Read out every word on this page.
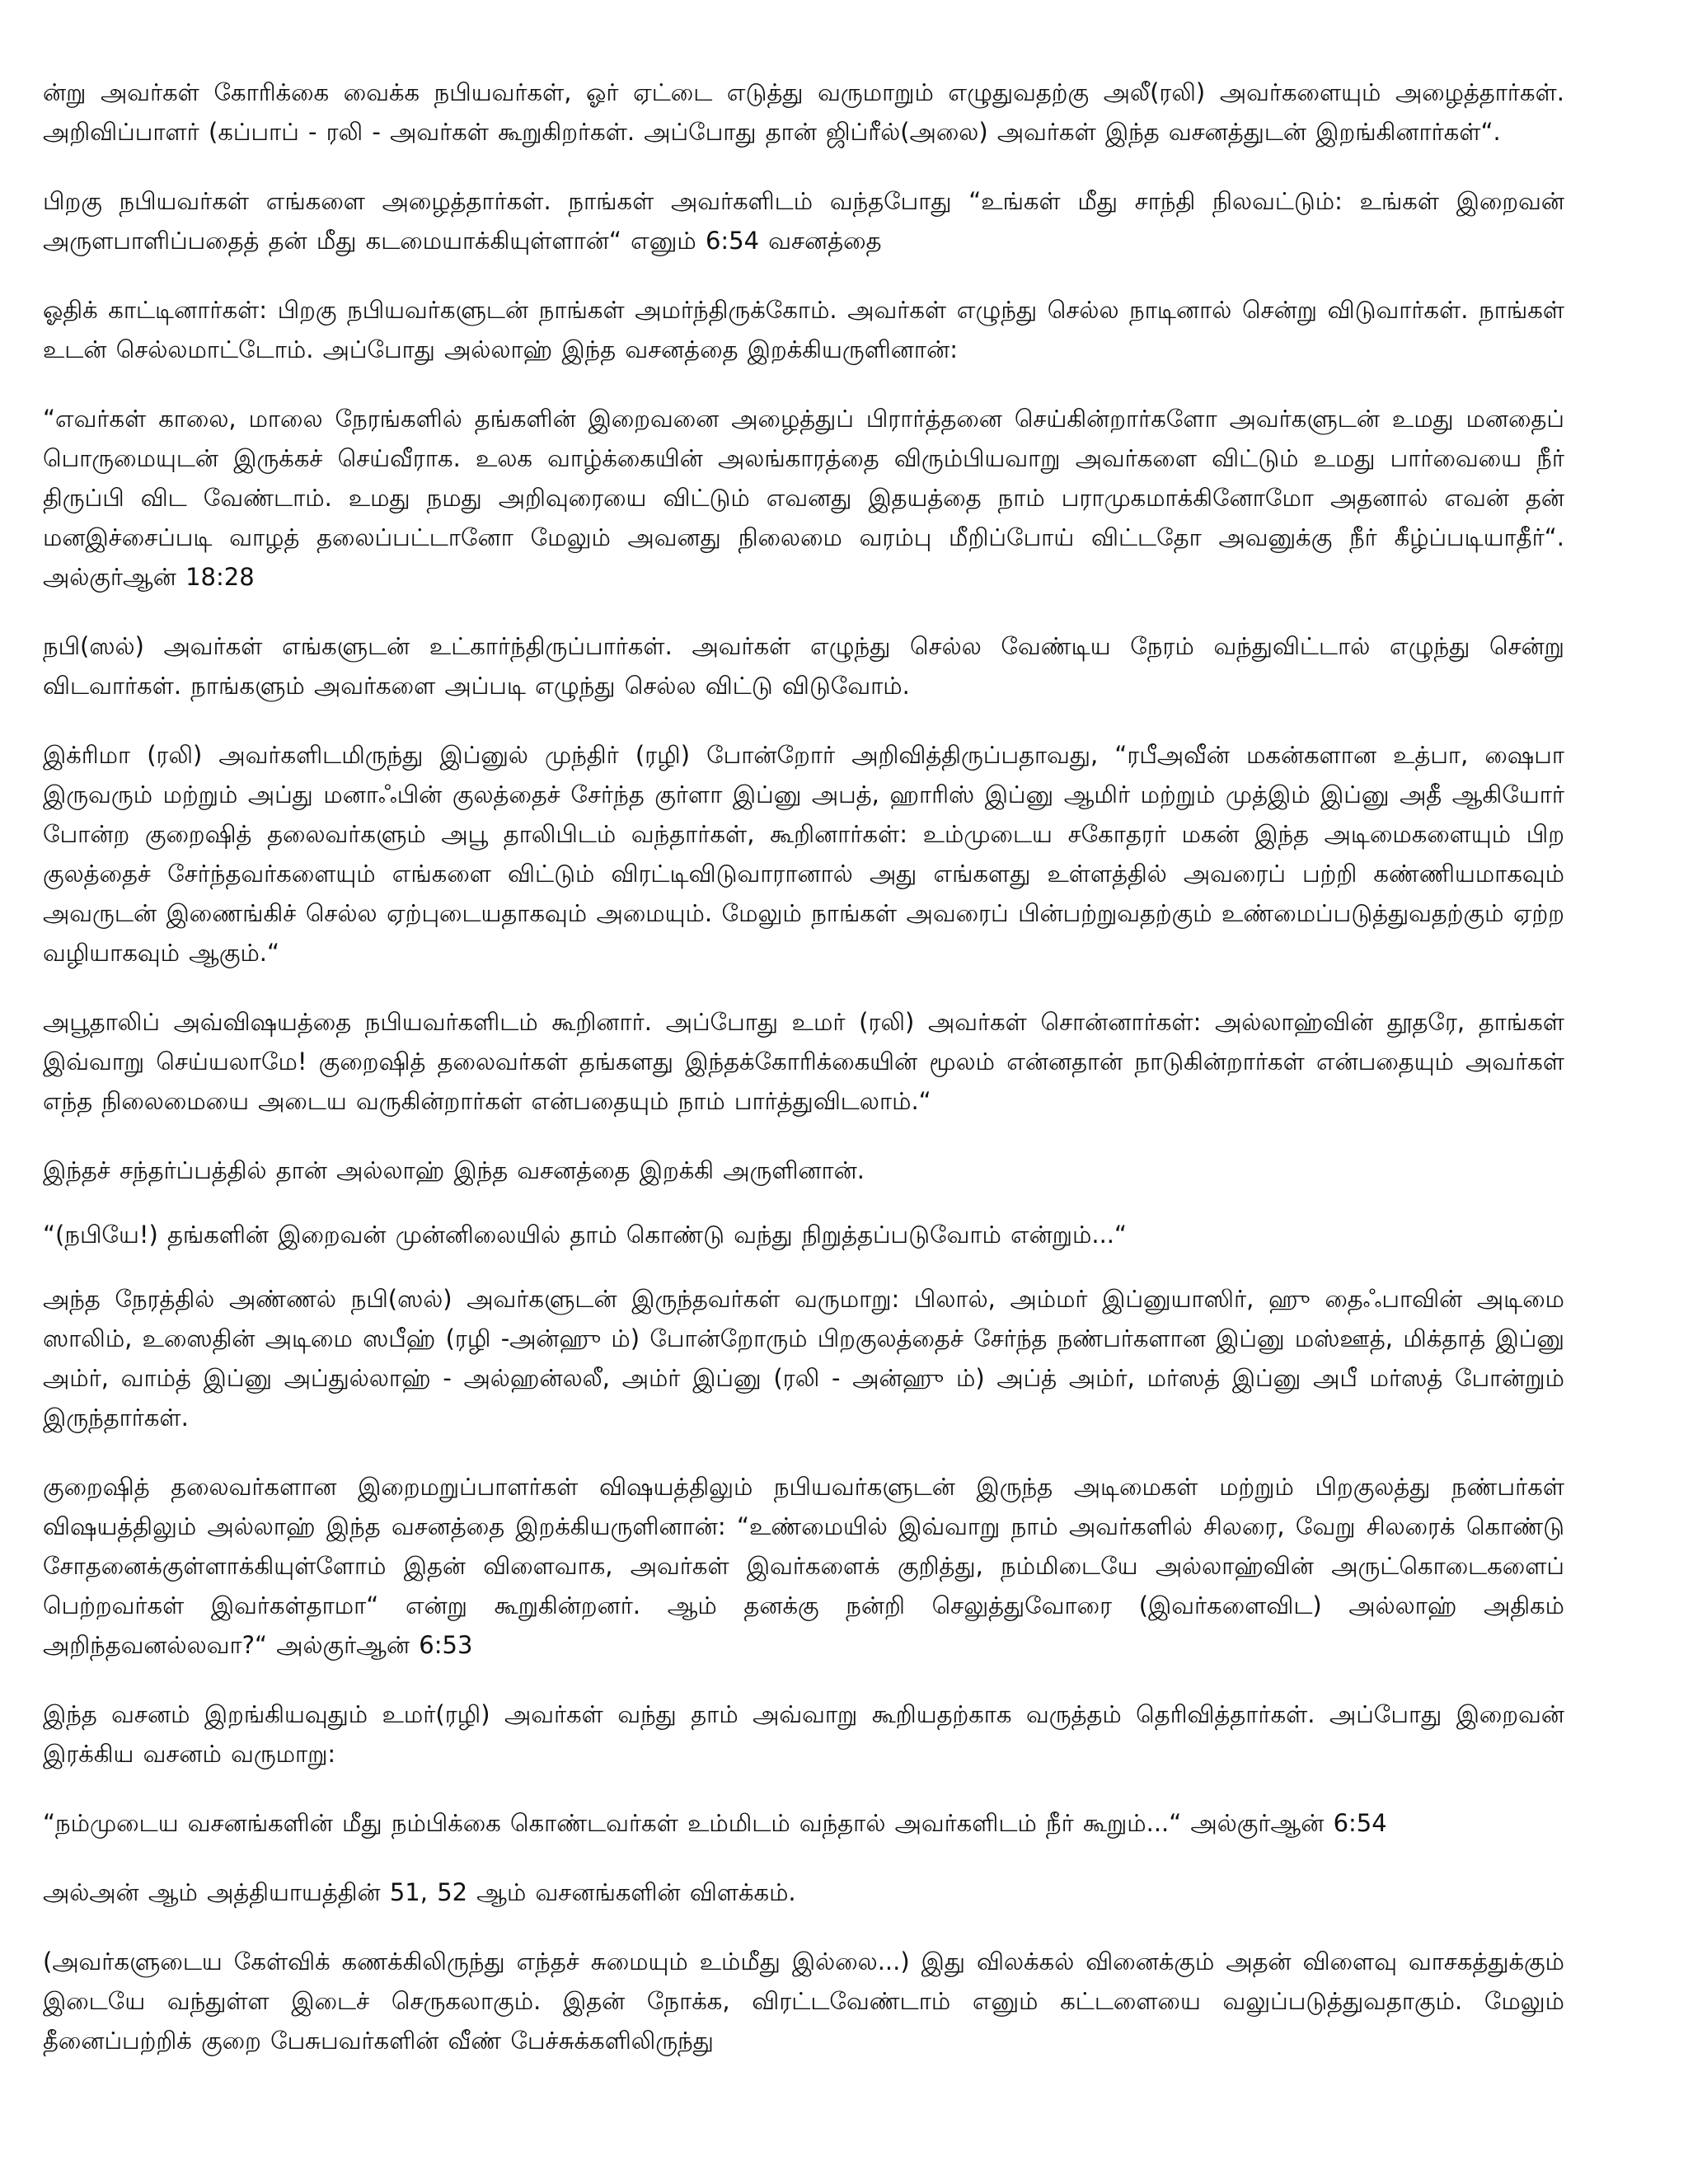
ன்று அவர்கள் கோரிக்கை வைக்க நபியவர்கள், ஓர் ஏட்டை எடுத்து வருமாறும் எழுதுவதற்கு அலீ(ரலி) அவர்களையும் அழைத்தார்கள். அறிவிப்பாளர் (கப்பாப் - ரலி - அவர்கள் கூறுகிறர்கள். அப்போது தான் ஜிப்ரீல்(அலை) அவர்கள் இந்த வசனத்துடன் இறங்கினார்கள்“.

பிறகு நபியவர்கள் எங்களை அழைத்தார்கள். நாங்கள் அவர்களிடம் வந்தபோது “உங்கள் மீது சாந்தி நிலவட்டும்: உங்கள் இறைவன் அருளபாளிப்பதைத் தன் மீது கடமையாக்கியுள்ளான்“ எனும் 6:54 வசனத்தை

ஓதிக் காட்டினார்கள்: பிறகு நபியவர்களுடன் நாங்கள் அமர்ந்திருக்கோம். அவர்கள் எழுந்து செல்ல நாடினால் சென்று விடுவார்கள். நாங்கள் உடன் செல்லமாட்டோம். அப்போது அல்லாஹ் இந்த வசனத்தை இறக்கியருளினான்:

“எவர்கள் காலை, மாலை நேரங்களில் தங்களின் இறைவனை அழைத்துப் பிரார்த்தனை செய்கின்றார்களோ அவர்களுடன் உமது மனதைப் பொருமையுடன் இருக்கச் செய்வீராக. உலக வாழ்க்கையின் அலங்காரத்தை விரும்பியவாறு அவர்களை விட்டும் உமது பார்வையை நீர் திருப்பி விட வேண்டாம். உமது நமது அறிவுரையை விட்டும் எவனது இதயத்தை நாம் பராமுகமாக்கினோமோ அதனால் எவன் தன் மனஇச்சைப்படி வாழத் தலைப்பட்டானோ மேலும் அவனது நிலைமை வரம்பு மீறிப்போய் விட்டதோ அவனுக்கு நீர் கீழ்ப்படியாதீர்“. அல்குர்ஆன் 18:28

நபி(ஸல்) அவர்கள் எங்களுடன் உட்கார்ந்திருப்பார்கள். அவர்கள் எழுந்து செல்ல வேண்டிய நேரம் வந்துவிட்டால் எழுந்து சென்று விடவார்கள். நாங்களும் அவர்களை அப்படி எழுந்து செல்ல விட்டு விடுவோம்.

இக்ரிமா (ரலி) அவர்களிடமிருந்து இப்னுல் முந்திர் (ரழி) போன்றோர் அறிவித்திருப்பதாவது, “ரபீஅவீன் மகன்களான உத்பா, ஷைபா இருவரும் மற்றும் அப்து மனாஃபின் குலத்தைச் சேர்ந்த குர்ளா இப்னு அபத், ஹாரிஸ் இப்னு ஆமிர் மற்றும் முத்இம் இப்னு அதீ ஆகியோர் போன்ற குறைஷித் தலைவர்களும் அபூ தாலிபிடம் வந்தார்கள், கூறினார்கள்: உம்முடைய சகோதரர் மகன் இந்த அடிமைகளையும் பிற குலத்தைச் சேர்ந்தவர்களையும் எங்களை விட்டும் விரட்டிவிடுவாரானால் அது எங்களது உள்ளத்தில் அவரைப் பற்றி கண்ணியமாகவும் அவருடன் இணைங்கிச் செல்ல ஏற்புடையதாகவும் அமையும். மேலும் நாங்கள் அவரைப் பின்பற்றுவதற்கும் உண்மைப்படுத்துவதற்கும் ஏற்ற வழியாகவும் ஆகும்.“

அபூதாலிப் அவ்விஷயத்தை நபியவர்களிடம் கூறினார். அப்போது உமர் (ரலி) அவர்கள் சொன்னார்கள்: அல்லாஹ்வின் தூதரே, தாங்கள் இவ்வாறு செய்யலாமே! குறைஷித் தலைவர்கள் தங்களது இந்தக்கோரிக்கையின் மூலம் என்னதான் நாடுகின்றார்கள் என்பதையும் அவர்கள் எந்த நிலைமையை அடைய வருகின்றார்கள் என்பதையும் நாம் பார்த்துவிடலாம்.“

இந்தச் சந்தர்ப்பத்தில் தான் அல்லாஹ் இந்த வசனத்தை இறக்கி அருளினான்.

“(நபியே!) தங்களின் இறைவன் முன்னிலையில் தாம் கொண்டு வந்து நிறுத்தப்படுவோம் என்றும்...“

அந்த நேரத்தில் அண்ணல் நபி(ஸல்) அவர்களுடன் இருந்தவர்கள் வருமாறு: பிலால், அம்மர் இப்னுயாஸிர், ஹு தைஃபாவின் அடிமை ஸாலிம், உஸைதின் அடிமை ஸபீஹ் (ரழி -அன்ஹு ம்) போன்றோரும் பிறகுலத்தைச் சேர்ந்த நண்பர்களான இப்னு மஸ்ஊத், மிக்தாத் இப்னு அம்ர், வாம்த் இப்னு அப்துல்லாஹ் - அல்ஹன்லலீ, அம்ர் இப்னு (ரலி - அன்ஹு ம்) அப்த் அம்ர், மர்ஸத் இப்னு அபீ மர்ஸத் போன்றும் இருந்தார்கள்.

குறைஷித் தலைவர்களான இறைமறுப்பாளர்கள் விஷயத்திலும் நபியவர்களுடன் இருந்த அடிமைகள் மற்றும் பிறகுலத்து நண்பர்கள் விஷயத்திலும் அல்லாஹ் இந்த வசனத்தை இறக்கியருளினான்: “உண்மையில் இவ்வாறு நாம் அவர்களில் சிலரை, வேறு சிலரைக் கொண்டு சோதனைக்குள்ளாக்கியுள்ளோம் இதன் விளைவாக, அவர்கள் இவர்களைக் குறித்து, நம்மிடையே அல்லாஹ்வின் அருட்கொடைகளைப் பெற்றவர்கள் இவர்கள்தாமா“ என்று கூறுகின்றனர். ஆம் தனக்கு நன்றி செலுத்துவோரை (இவர்களைவிட) அல்லாஹ் அதிகம் அறிந்தவனல்லவா?“ அல்குர்ஆன் 6:53

இந்த வசனம் இறங்கியவுதும் உமர்(ரழி) அவர்கள் வந்து தாம் அவ்வாறு கூறியதற்காக வருத்தம் தெரிவித்தார்கள். அப்போது இறைவன் இரக்கிய வசனம் வருமாறு:

“நம்முடைய வசனங்களின் மீது நம்பிக்கை கொண்டவர்கள் உம்மிடம் வந்தால் அவர்களிடம் நீர் கூறும்...“ அல்குர்ஆன் 6:54

அல்அன் ஆம் அத்தியாயத்தின் 51, 52 ஆம் வசனங்களின் விளக்கம்.

(அவர்களுடைய கேள்விக் கணக்கிலிருந்து எந்தச் சுமையும் உம்மீது இல்லை...) இது விலக்கல் வினைக்கும் அதன் விளைவு வாசகத்துக்கும் இடையே வந்துள்ள இடைச் செருகலாகும். இதன் நோக்க, விரட்டவேண்டாம் எனும் கட்டளையை வலுப்படுத்துவதாகும். மேலும் தீனைப்பற்றிக் குறை பேசுபவர்களின் வீண் பேச்சுக்களிலிருந்து
